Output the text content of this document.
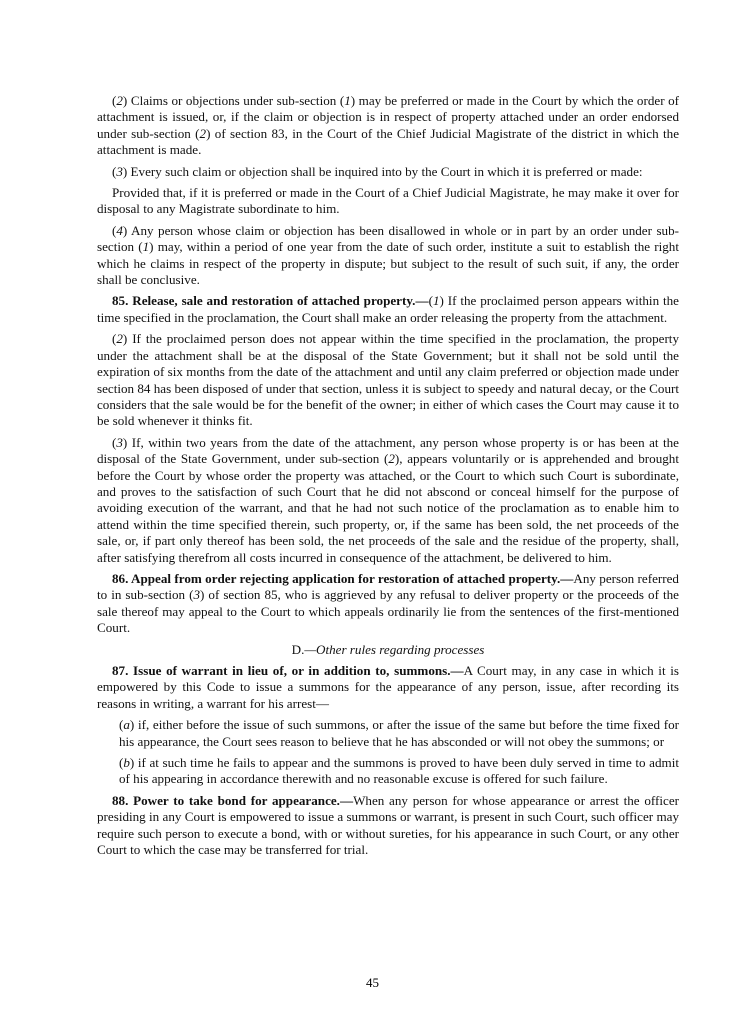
(2) Claims or objections under sub-section (1) may be preferred or made in the Court by which the order of attachment is issued, or, if the claim or objection is in respect of property attached under an order endorsed under sub-section (2) of section 83, in the Court of the Chief Judicial Magistrate of the district in which the attachment is made.

(3) Every such claim or objection shall be inquired into by the Court in which it is preferred or made:

Provided that, if it is preferred or made in the Court of a Chief Judicial Magistrate, he may make it over for disposal to any Magistrate subordinate to him.

(4) Any person whose claim or objection has been disallowed in whole or in part by an order under sub-section (1) may, within a period of one year from the date of such order, institute a suit to establish the right which he claims in respect of the property in dispute; but subject to the result of such suit, if any, the order shall be conclusive.

85. Release, sale and restoration of attached property.—(1) If the proclaimed person appears within the time specified in the proclamation, the Court shall make an order releasing the property from the attachment.

(2) If the proclaimed person does not appear within the time specified in the proclamation, the property under the attachment shall be at the disposal of the State Government; but it shall not be sold until the expiration of six months from the date of the attachment and until any claim preferred or objection made under section 84 has been disposed of under that section, unless it is subject to speedy and natural decay, or the Court considers that the sale would be for the benefit of the owner; in either of which cases the Court may cause it to be sold whenever it thinks fit.

(3) If, within two years from the date of the attachment, any person whose property is or has been at the disposal of the State Government, under sub-section (2), appears voluntarily or is apprehended and brought before the Court by whose order the property was attached, or the Court to which such Court is subordinate, and proves to the satisfaction of such Court that he did not abscond or conceal himself for the purpose of avoiding execution of the warrant, and that he had not such notice of the proclamation as to enable him to attend within the time specified therein, such property, or, if the same has been sold, the net proceeds of the sale, or, if part only thereof has been sold, the net proceeds of the sale and the residue of the property, shall, after satisfying therefrom all costs incurred in consequence of the attachment, be delivered to him.

86. Appeal from order rejecting application for restoration of attached property.—Any person referred to in sub-section (3) of section 85, who is aggrieved by any refusal to deliver property or the proceeds of the sale thereof may appeal to the Court to which appeals ordinarily lie from the sentences of the first-mentioned Court.

D.—Other rules regarding processes

87. Issue of warrant in lieu of, or in addition to, summons.—A Court may, in any case in which it is empowered by this Code to issue a summons for the appearance of any person, issue, after recording its reasons in writing, a warrant for his arrest—

(a) if, either before the issue of such summons, or after the issue of the same but before the time fixed for his appearance, the Court sees reason to believe that he has absconded or will not obey the summons; or

(b) if at such time he fails to appear and the summons is proved to have been duly served in time to admit of his appearing in accordance therewith and no reasonable excuse is offered for such failure.

88. Power to take bond for appearance.—When any person for whose appearance or arrest the officer presiding in any Court is empowered to issue a summons or warrant, is present in such Court, such officer may require such person to execute a bond, with or without sureties, for his appearance in such Court, or any other Court to which the case may be transferred for trial.

45
